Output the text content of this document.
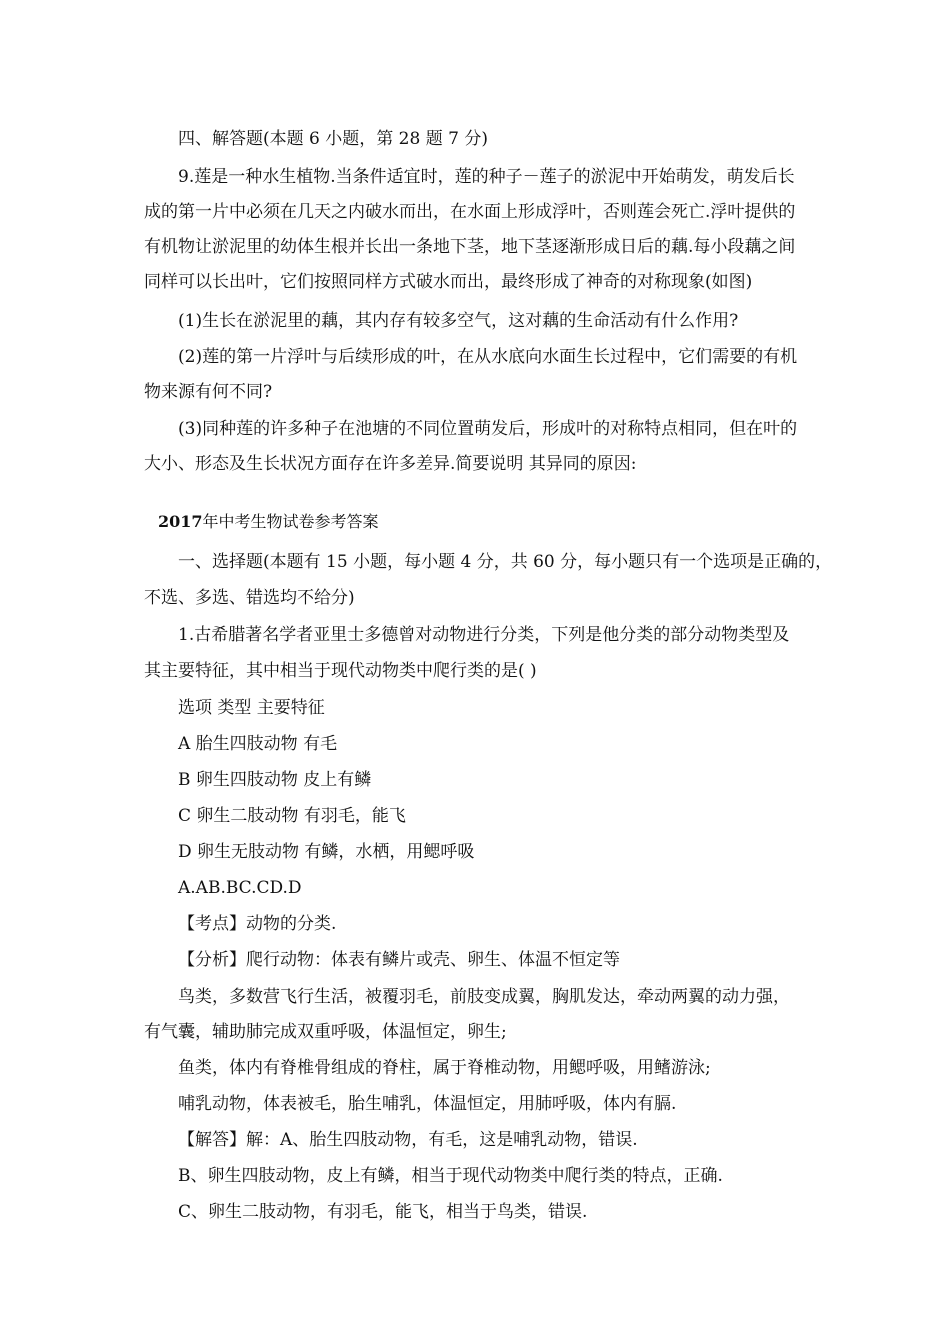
四、解答题(本题 6 小题，第 28 题 7 分)
9.莲是一种水生植物.当条件适宜时，莲的种子－莲子的淤泥中开始萌发，萌发后长
成的第一片中必须在几天之内破水而出，在水面上形成浮叶，否则莲会死亡.浮叶提供的
有机物让淤泥里的幼体生根并长出一条地下茎，地下茎逐渐形成日后的藕.每小段藕之间
同样可以长出叶，它们按照同样方式破水而出，最终形成了神奇的对称现象(如图)
(1)生长在淤泥里的藕，其内存有较多空气，这对藕的生命活动有什么作用?
(2)莲的第一片浮叶与后续形成的叶，在从水底向水面生长过程中，它们需要的有机
物来源有何不同?
(3)同种莲的许多种子在池塘的不同位置萌发后，形成叶的对称特点相同，但在叶的
大小、形态及生长状况方面存在许多差异.简要说明 其异同的原因:
2017年中考生物试卷参考答案
一、选择题(本题有 15 小题，每小题 4 分，共 60 分，每小题只有一个选项是正确的，
不选、多选、错选均不给分)
1.古希腊著名学者亚里士多德曾对动物进行分类，下列是他分类的部分动物类型及
其主要特征，其中相当于现代动物类中爬行类的是( )
选项 类型 主要特征
A 胎生四肢动物 有毛
B 卵生四肢动物 皮上有鳞
C 卵生二肢动物 有羽毛，能飞
D 卵生无肢动物 有鳞，水栖，用鳃呼吸
A.AB.BC.CD.D
【考点】动物的分类.
【分析】爬行动物：体表有鳞片或壳、卵生、体温不恒定等
鸟类，多数营飞行生活，被覆羽毛，前肢变成翼，胸肌发达，牵动两翼的动力强，
有气囊，辅助肺完成双重呼吸，体温恒定，卵生;
鱼类，体内有脊椎骨组成的脊柱，属于脊椎动物，用鳃呼吸，用鳍游泳;
哺乳动物，体表被毛，胎生哺乳，体温恒定，用肺呼吸，体内有膈.
【解答】解：A、胎生四肢动物，有毛，这是哺乳动物，错误.
B、卵生四肢动物，皮上有鳞，相当于现代动物类中爬行类的特点，正确.
C、卵生二肢动物，有羽毛，能飞，相当于鸟类，错误.
